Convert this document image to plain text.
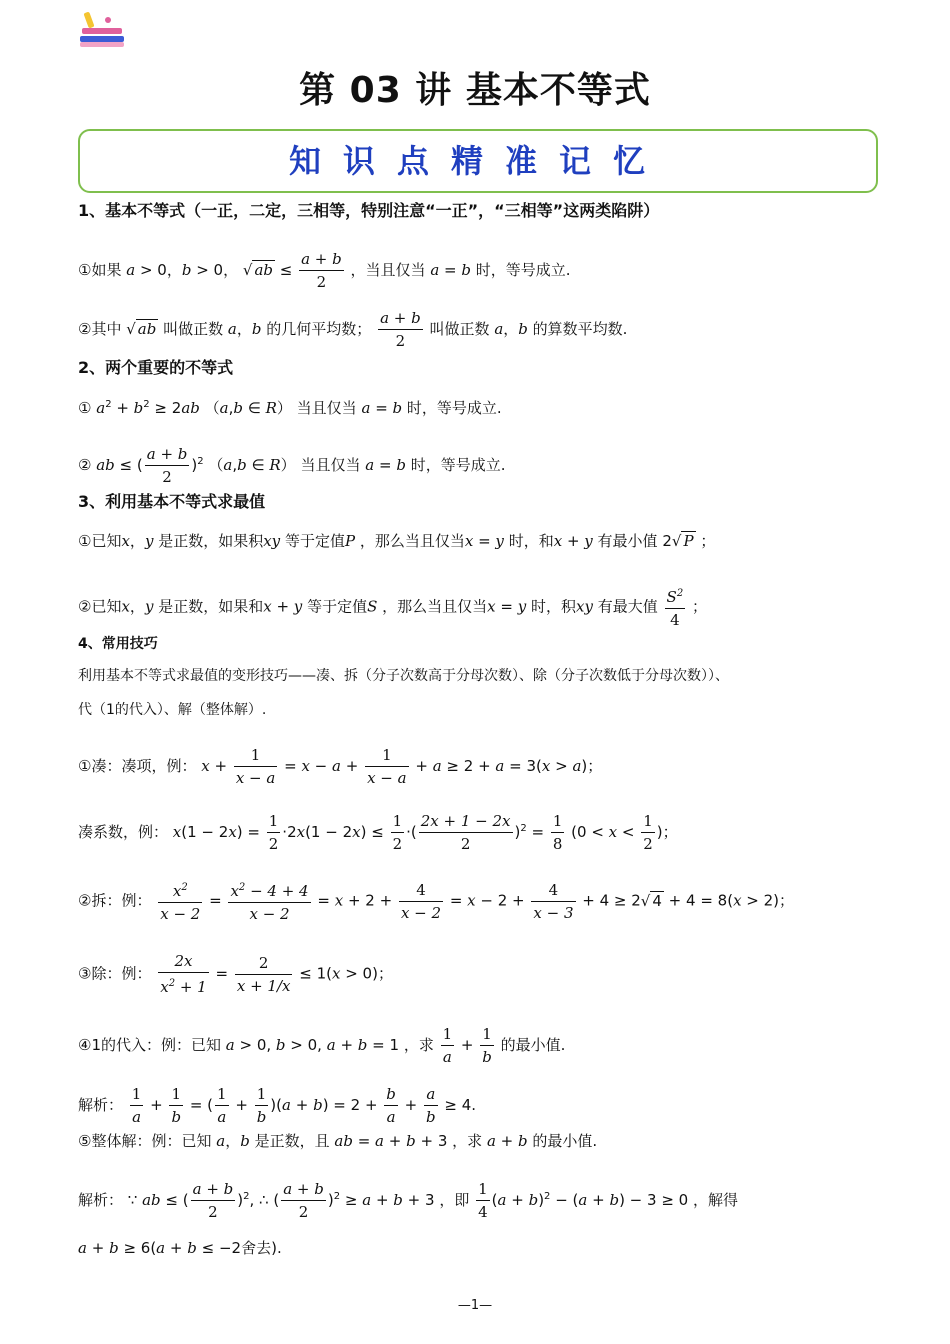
第 03 讲 基本不等式
知识点精准记忆
1、基本不等式（一正，二定，三相等，特别注意“一正”，“三相等”这两类陷阱）
①如果 a > 0，b > 0， √ ab ≤ $\frac{a + b}{2}$ ，当且仅当 a = b 时，等号成立.
②其中 √ ab 叫做正数 a，b 的几何平均数； $\frac{a + b}{2}$ 叫做正数 a，b 的算数平均数.
2、两个重要的不等式
① $a^2 + b^2 \ge 2ab$ （a,b ∈ R） 当且仅当 a = b 时，等号成立.
② ab ≤ ( $\frac{a + b}{2} )^2$ （a,b ∈ R） 当且仅当 a = b 时，等号成立.
3、利用基本不等式求最值
①已知x，y 是正数，如果积xy 等于定值P ，那么当且仅当x = y 时，和x + y 有最小值 2√ P ；
②已知x，y 是正数，如果和x + y 等于定值S ，那么当且仅当x = y 时，积xy 有最大值 $\frac{S^2}{4}$ ；
4、常用技巧
利用基本不等式求最值的变形技巧——凑、拆（分子次数高于分母次数）、除（分子次数低于分母次数））、
代（1的代入）、解（整体解）.
①凑：凑项，例： $x + \frac{1}{x - a} = x - a + \frac{1}{x - a} + a \ge 2 + a = 3(x > a)$；
凑系数，例： $x(1 - 2x) = \frac{1}{2} \cdot 2x(1 - 2x) \le \frac{1}{2}$ ·( $\frac{2x + 1 - 2x}{2} )^2 = \frac{1}{8} (0 < x < \frac{1}{2}$ )；
②拆：例： $\frac{x^2}{x - 2} = \frac{x^2 - 4 + 4}{x - 2} = x + 2 + \frac{4}{x - 2} = x - 2 + \frac{4}{x - 3} + 4 \ge 2√$ 4 + 4 = 8(x > 2)；
③除：例： $\frac{2x}{x^2 + 1} = \frac{2}{x + 1/x} \le 1(x > 0)$；
④1的代入：例：已知 a > 0, b > 0, a + b = 1 ，求 $\frac{1}{a} + \frac{1}{b}$ 的最小值.
解析： $\frac{1}{a} + \frac{1}{b}$ = ( $\frac{1}{a} + \frac{1}{b} )(a + b) = 2 + \frac{b}{a} + \frac{a}{b} \ge 4$.
⑤整体解：例：已知 a，b 是正数，且 ab = a + b + 3 ，求 a + b 的最小值.
解析： ∵ ab ≤ ( $\frac{a + b}{2} )^2$, ∴ ( $\frac{a + b}{2} )^2 \ge a + b + 3$ ，即 $\frac{1}{4} (a + b)^2 - (a + b) - 3 \ge 0$ ，解得
a + b ≥ 6(a + b ≤ −2舍去).
—1—
